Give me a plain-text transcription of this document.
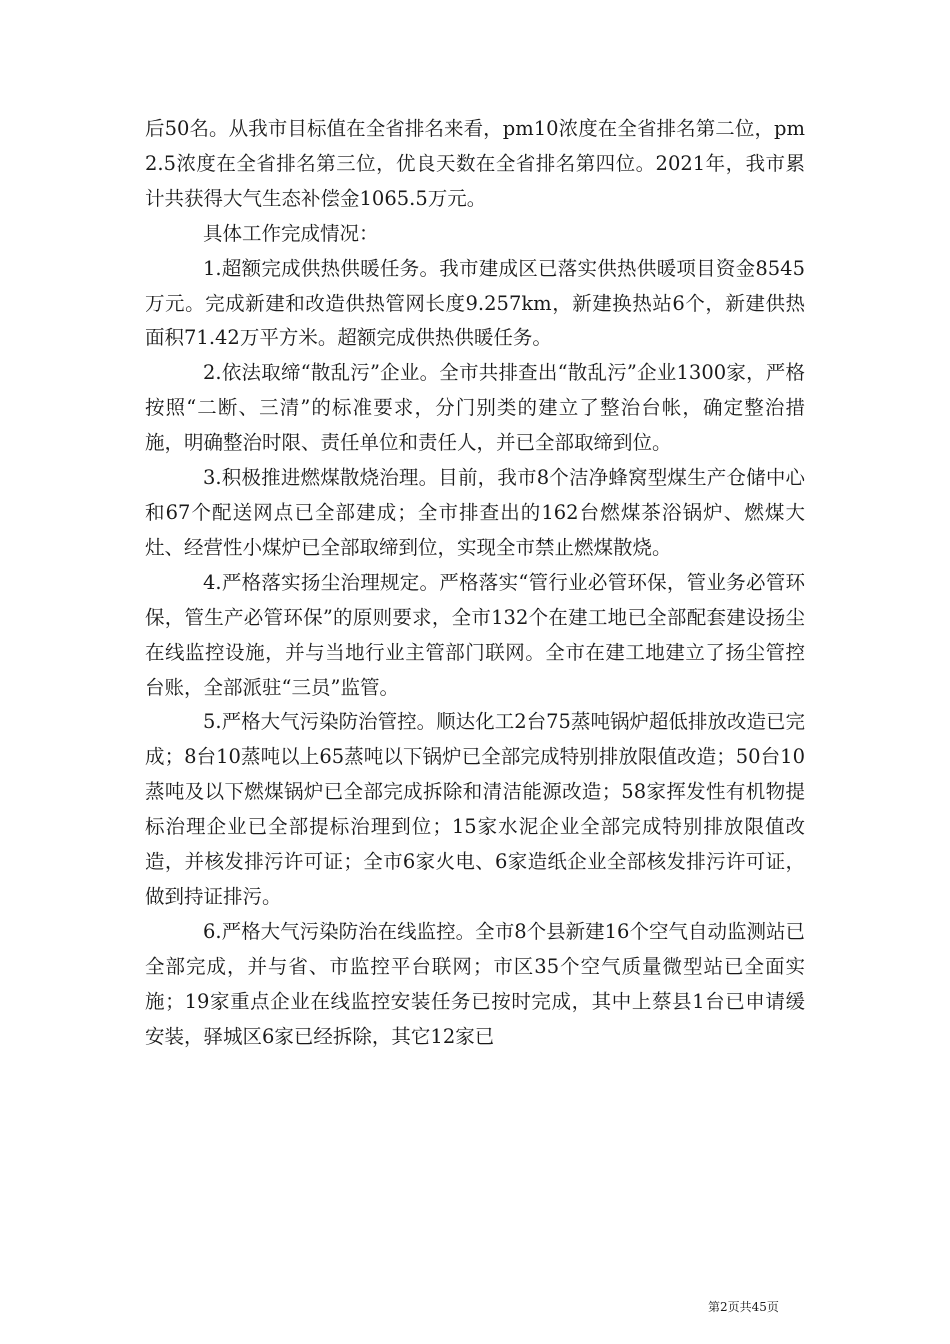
后50名。从我市目标值在全省排名来看，pm10浓度在全省排名第二位，pm2.5浓度在全省排名第三位，优良天数在全省排名第四位。2021年，我市累计共获得大气生态补偿金1065.5万元。

具体工作完成情况：

1.超额完成供热供暖任务。我市建成区已落实供热供暖项目资金8545万元。完成新建和改造供热管网长度9.257km，新建换热站6个，新建供热面积71.42万平方米。超额完成供热供暖任务。

2.依法取缔“散乱污”企业。全市共排查出“散乱污”企业1300家，严格按照“二断、三清”的标准要求，分门别类的建立了整治台帐，确定整治措施，明确整治时限、责任单位和责任人，并已全部取缔到位。

3.积极推进燃煤散烧治理。目前，我市8个洁净蜂窝型煤生产仓储中心和67个配送网点已全部建成；全市排查出的162台燃煤茶浴锅炉、燃煤大灶、经营性小煤炉已全部取缔到位，实现全市禁止燃煤散烧。

4.严格落实扬尘治理规定。严格落实“管行业必管环保，管业务必管环保，管生产必管环保”的原则要求，全市132个在建工地已全部配套建设扬尘在线监控设施，并与当地行业主管部门联网。全市在建工地建立了扬尘管控台账，全部派驻“三员”监管。

5.严格大气污染防治管控。顺达化工2台75蒸吨锅炉超低排放改造已完成；8台10蒸吨以上65蒸吨以下锅炉已全部完成特别排放限值改造；50台10蒸吨及以下燃煤锅炉已全部完成拆除和清洁能源改造；58家挥发性有机物提标治理企业已全部提标治理到位；15家水泥企业全部完成特别排放限值改造，并核发排污许可证；全市6家火电、6家造纸企业全部核发排污许可证，做到持证排污。

6.严格大气污染防治在线监控。全市8个县新建16个空气自动监测站已全部完成，并与省、市监控平台联网；市区35个空气质量微型站已全面实施；19家重点企业在线监控安装任务已按时完成，其中上蔡县1台已申请缓安装，驿城区6家已经拆除，其它12家已

第2页共45页
